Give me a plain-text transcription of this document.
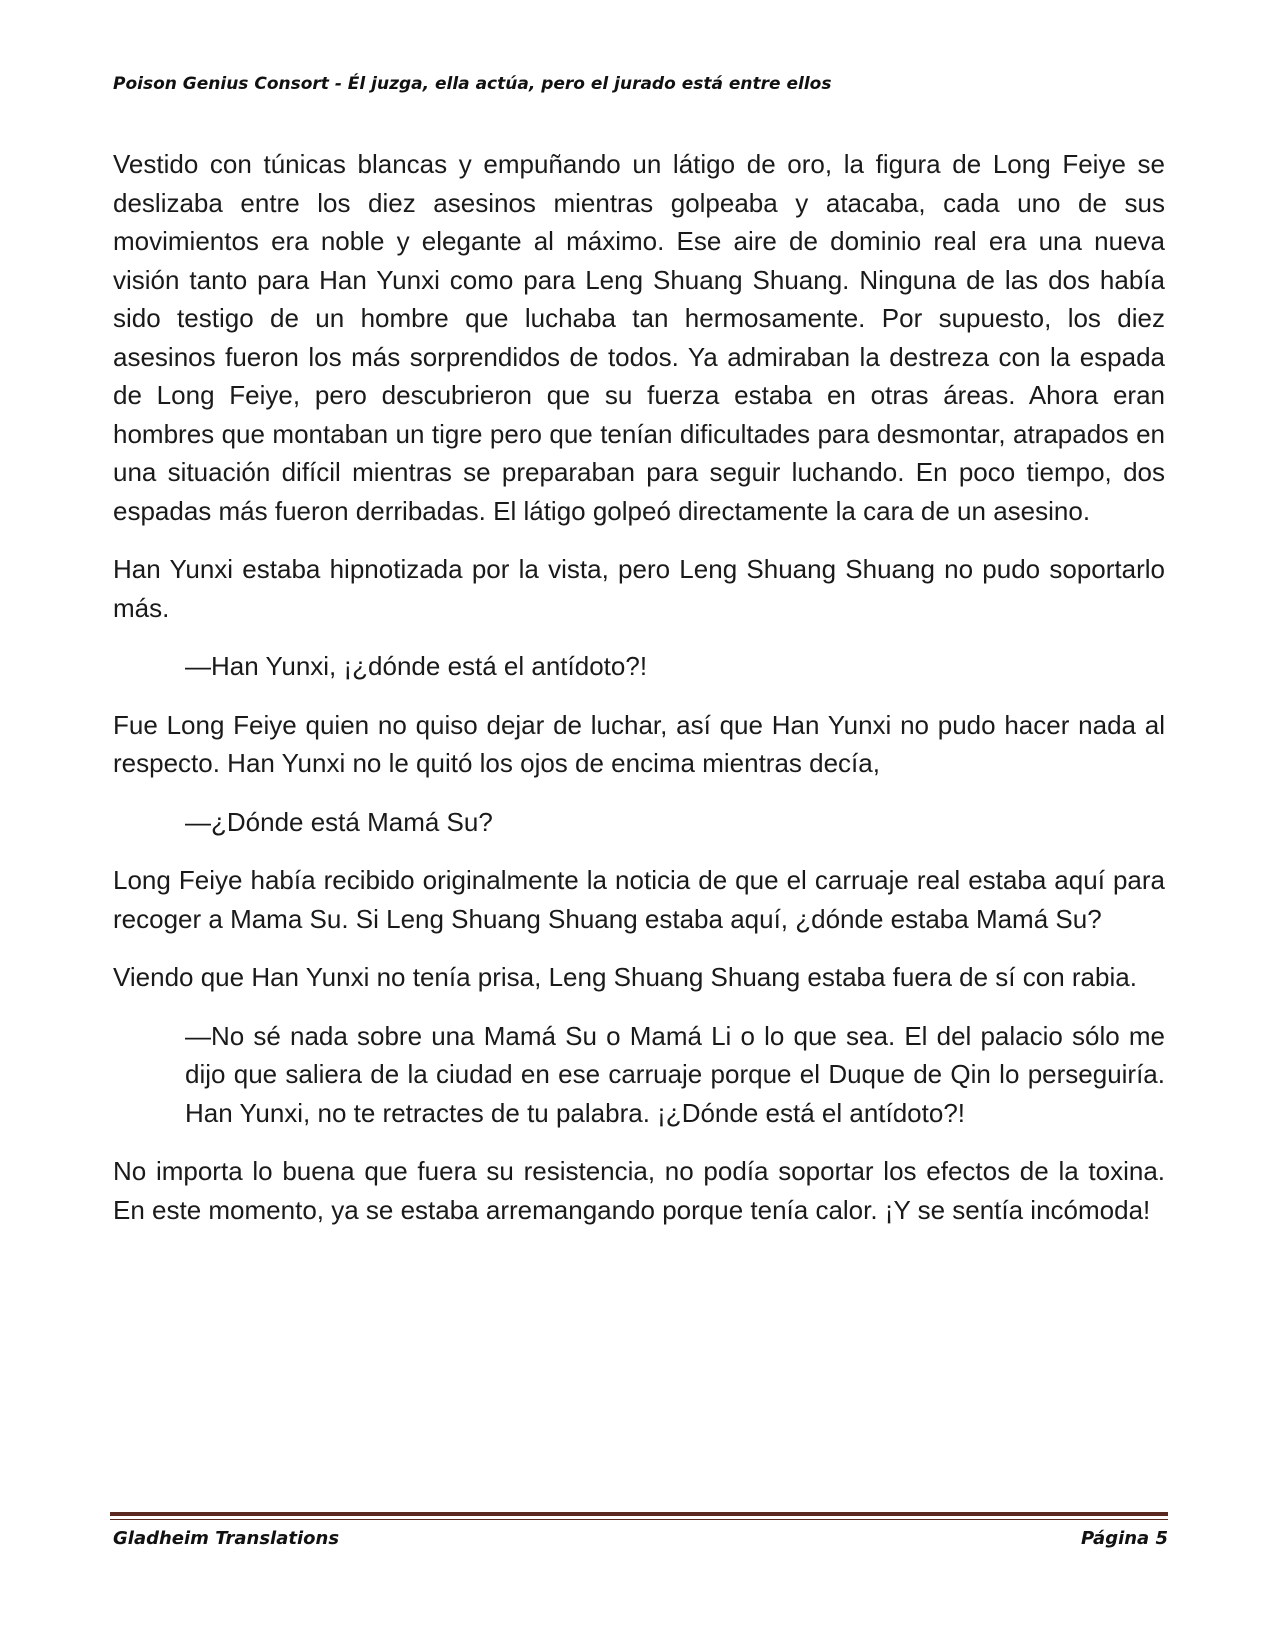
Poison Genius Consort - Él juzga, ella actúa, pero el jurado está entre ellos

Vestido con túnicas blancas y empuñando un látigo de oro, la figura de Long Feiye se deslizaba entre los diez asesinos mientras golpeaba y atacaba, cada uno de sus movimientos era noble y elegante al máximo. Ese aire de dominio real era una nueva visión tanto para Han Yunxi como para Leng Shuang Shuang. Ninguna de las dos había sido testigo de un hombre que luchaba tan hermosamente. Por supuesto, los diez asesinos fueron los más sorprendidos de todos. Ya admiraban la destreza con la espada de Long Feiye, pero descubrieron que su fuerza estaba en otras áreas. Ahora eran hombres que montaban un tigre pero que tenían dificultades para desmontar, atrapados en una situación difícil mientras se preparaban para seguir luchando. En poco tiempo, dos espadas más fueron derribadas. El látigo golpeó directamente la cara de un asesino.

Han Yunxi estaba hipnotizada por la vista, pero Leng Shuang Shuang no pudo soportarlo más.

—Han Yunxi, ¡¿dónde está el antídoto?!

Fue Long Feiye quien no quiso dejar de luchar, así que Han Yunxi no pudo hacer nada al respecto. Han Yunxi no le quitó los ojos de encima mientras decía,

—¿Dónde está Mamá Su?

Long Feiye había recibido originalmente la noticia de que el carruaje real estaba aquí para recoger a Mama Su. Si Leng Shuang Shuang estaba aquí, ¿dónde estaba Mamá Su?

Viendo que Han Yunxi no tenía prisa, Leng Shuang Shuang estaba fuera de sí con rabia.

—No sé nada sobre una Mamá Su o Mamá Li o lo que sea. El del palacio sólo me dijo que saliera de la ciudad en ese carruaje porque el Duque de Qin lo perseguiría. Han Yunxi, no te retractes de tu palabra. ¡¿Dónde está el antídoto?!

No importa lo buena que fuera su resistencia, no podía soportar los efectos de la toxina. En este momento, ya se estaba arremangando porque tenía calor. ¡Y se sentía incómoda!

Gladheim Translations	Página 5
